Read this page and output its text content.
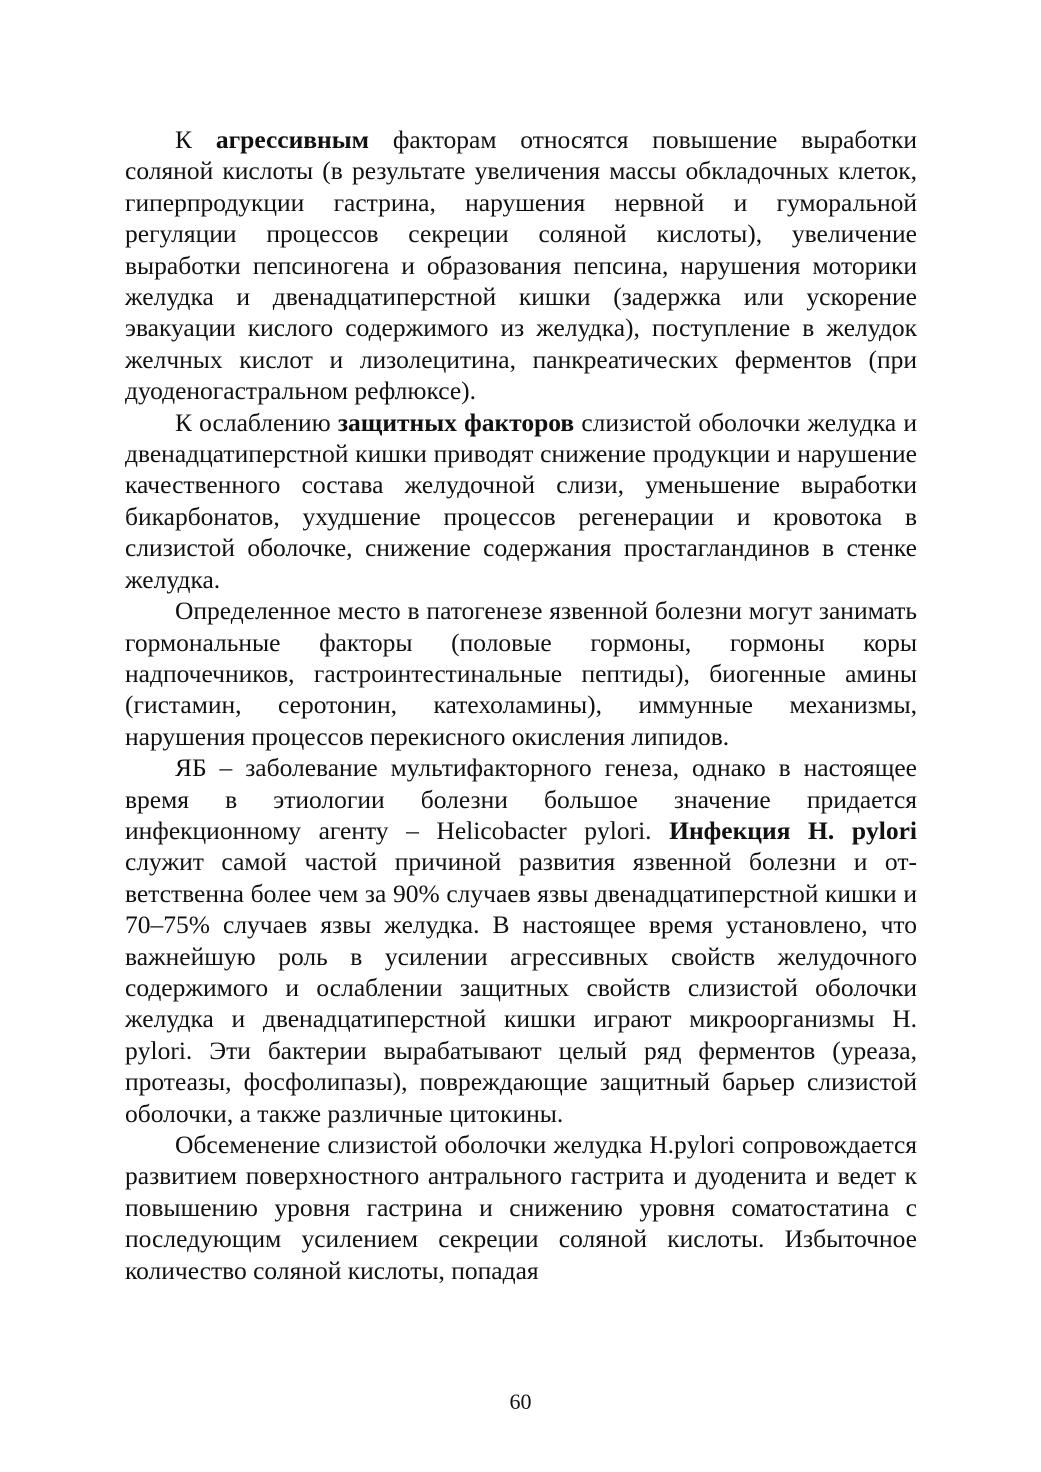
К агрессивным факторам относятся повышение выработки соляной кислоты (в результате увеличения массы обкладочных клеток, гиперпродукции гастрина, нарушения нервной и гуморальной регуляции процессов секреции соляной кислоты), увеличение выработки пепсиногена и образования пепсина, нарушения моторики желудка и двенадцатиперстной кишки (задержка или ускорение эвакуации кислого содержимого из желудка), поступление в желудок желчных кислот и лизолецитина, панкреатических ферментов (при дуоденогастральном рефлюксе).

К ослаблению защитных факторов слизистой оболочки желудка и двенадцатиперстной кишки приводят снижение продукции и нарушение качественного состава желудочной слизи, уменьшение выработки бикарбонатов, ухудшение процессов регенерации и кровотока в слизистой оболочке, снижение содержания простагландинов в стенке желудка.

Определенное место в патогенезе язвенной болезни могут занимать гормональные факторы (половые гормоны, гормоны коры надпочечников, гастроинтестинальные пептиды), биогенные амины (гистамин, серотонин, катехоламины), иммунные механизмы, нарушения процессов перекисного окисления липидов.

ЯБ – заболевание мультифакторного генеза, однако в настоящее время в этиологии болезни большое значение придается инфекционному агенту – Helicobacter pylori. Инфекция H. pylori служит самой частой причиной развития язвенной болезни и ответственна более чем за 90% случаев язвы двенадцатиперстной кишки и 70–75% случаев язвы желудка. В настоящее время установлено, что важнейшую роль в усилении агрессивных свойств желудочного содержимого и ослаблении защитных свойств слизистой оболочки желудка и двенадцатиперстной кишки играют микроорганизмы H. pylori. Эти бактерии вырабатывают целый ряд ферментов (уреаза, протеазы, фосфолипазы), повреждающие защитный барьер слизистой оболочки, а также различные цитокины.

Обсеменение слизистой оболочки желудка H.pylori сопровождается развитием поверхностного антрального гастрита и дуоденита и ведет к повышению уровня гастрина и снижению уровня соматостатина с последующим усилением секреции соляной кислоты. Избыточное количество соляной кислоты, попадая

60
